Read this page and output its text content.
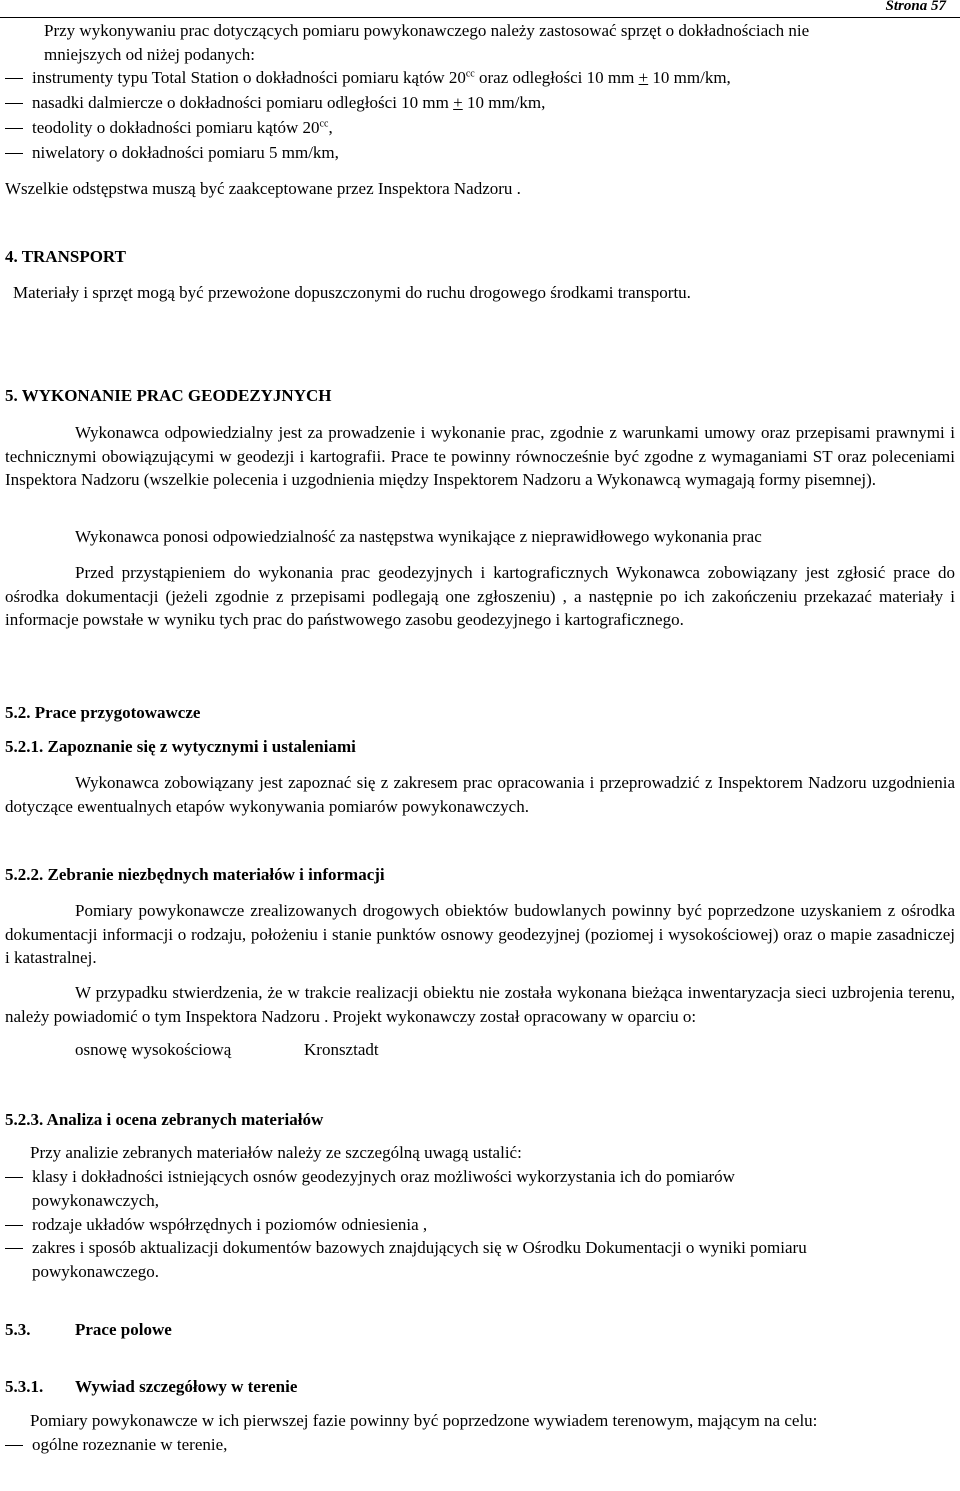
Strona 57
Przy wykonywaniu prac dotyczących pomiaru powykonawczego należy zastosować sprzęt o dokładnościach nie
mniejszych od niżej podanych:
instrumenty typu Total Station o dokładności pomiaru kątów $20^{cc}$ oraz odległości 10 mm + 10 mm/km,
nasadki dalmiercze o dokładności pomiaru odległości 10 mm + 10 mm/km,
teodolity o dokładności pomiaru kątów $20^{cc}$,
niwelatory o dokładności pomiaru 5 mm/km,
Wszelkie odstępstwa muszą być zaakceptowane przez Inspektora Nadzoru .
4. TRANSPORT
Materiały i sprzęt mogą być przewożone dopuszczonymi do ruchu drogowego środkami transportu.
5. WYKONANIE PRAC GEODEZYJNYCH
Wykonawca odpowiedzialny jest za prowadzenie i wykonanie prac, zgodnie z warunkami umowy oraz przepisami prawnymi i technicznymi obowiązującymi w geodezji i kartografii. Prace te powinny równocześnie być zgodne z wymaganiami ST oraz poleceniami Inspektora Nadzoru (wszelkie polecenia i uzgodnienia między Inspektorem Nadzoru a Wykonawcą wymagają formy pisemnej).
Wykonawca ponosi odpowiedzialność za następstwa wynikające z nieprawidłowego wykonania prac
Przed przystąpieniem do wykonania prac geodezyjnych i kartograficznych Wykonawca zobowiązany jest zgłosić prace do ośrodka dokumentacji (jeżeli zgodnie z przepisami podlegają one zgłoszeniu) , a następnie po ich zakończeniu przekazać materiały i informacje powstałe w wyniku tych prac do państwowego zasobu geodezyjnego i kartograficznego.
5.2. Prace przygotowawcze
5.2.1. Zapoznanie się z wytycznymi i ustaleniami
Wykonawca zobowiązany jest zapoznać się z zakresem prac opracowania i przeprowadzić z Inspektorem Nadzoru uzgodnienia dotyczące ewentualnych etapów wykonywania pomiarów powykonawczych.
5.2.2. Zebranie niezbędnych materiałów i informacji
Pomiary powykonawcze zrealizowanych drogowych obiektów budowlanych powinny być poprzedzone uzyskaniem z ośrodka dokumentacji informacji o rodzaju, położeniu i stanie punktów osnowy geodezyjnej (poziomej i wysokościowej) oraz o mapie zasadniczej i katastralnej.
W przypadku stwierdzenia, że w trakcie realizacji obiektu nie została wykonana bieżąca inwentaryzacja sieci uzbrojenia terenu, należy powiadomić o tym Inspektora Nadzoru . Projekt wykonawczy został opracowany w oparciu o:
osnowę wysokościową	Kronsztadt
5.2.3. Analiza i ocena zebranych materiałów
Przy analizie zebranych materiałów należy ze szczególną uwagą ustalić:
klasy i dokładności istniejących osnów geodezyjnych oraz możliwości wykorzystania ich do pomiarów
powykonawczych,
rodzaje układów współrzędnych i poziomów odniesienia ,
zakres i sposób aktualizacji dokumentów bazowych znajdujących się w Ośrodku Dokumentacji o wyniki pomiaru
powykonawczego.
5.3.	Prace polowe
5.3.1. Wywiad szczegółowy w terenie
Pomiary powykonawcze w ich pierwszej fazie powinny być poprzedzone wywiadem terenowym, mającym na celu:
ogólne rozeznanie w terenie,
